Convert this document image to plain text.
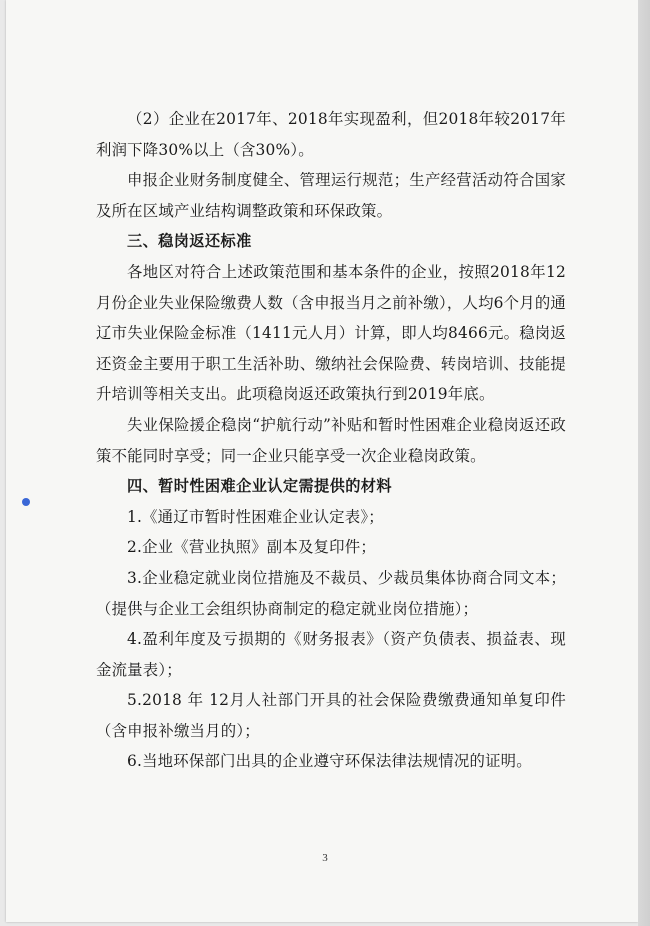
（2）企业在2017年、2018年实现盈利，但2018年较2017年利润下降30%以上（含30%）。

申报企业财务制度健全、管理运行规范；生产经营活动符合国家及所在区域产业结构调整政策和环保政策。

三、稳岗返还标准

各地区对符合上述政策范围和基本条件的企业，按照2018年12月份企业失业保险缴费人数（含申报当月之前补缴），人均6个月的通辽市失业保险金标准（1411元人月）计算，即人均8466元。稳岗返还资金主要用于职工生活补助、缴纳社会保险费、转岗培训、技能提升培训等相关支出。此项稳岗返还政策执行到2019年底。

失业保险援企稳岗“护航行动”补贴和暂时性困难企业稳岗返还政策不能同时享受；同一企业只能享受一次企业稳岗政策。

四、暂时性困难企业认定需提供的材料

1.《通辽市暂时性困难企业认定表》；

2.企业《营业执照》副本及复印件；

3.企业稳定就业岗位措施及不裁员、少裁员集体协商合同文本；（提供与企业工会组织协商制定的稳定就业岗位措施）；

4.盈利年度及亏损期的《财务报表》（资产负债表、损益表、现金流量表）；

5.2018 年 12月人社部门开具的社会保险费缴费通知单复印件（含申报补缴当月的）；

6.当地环保部门出具的企业遵守环保法律法规情况的证明。

3
